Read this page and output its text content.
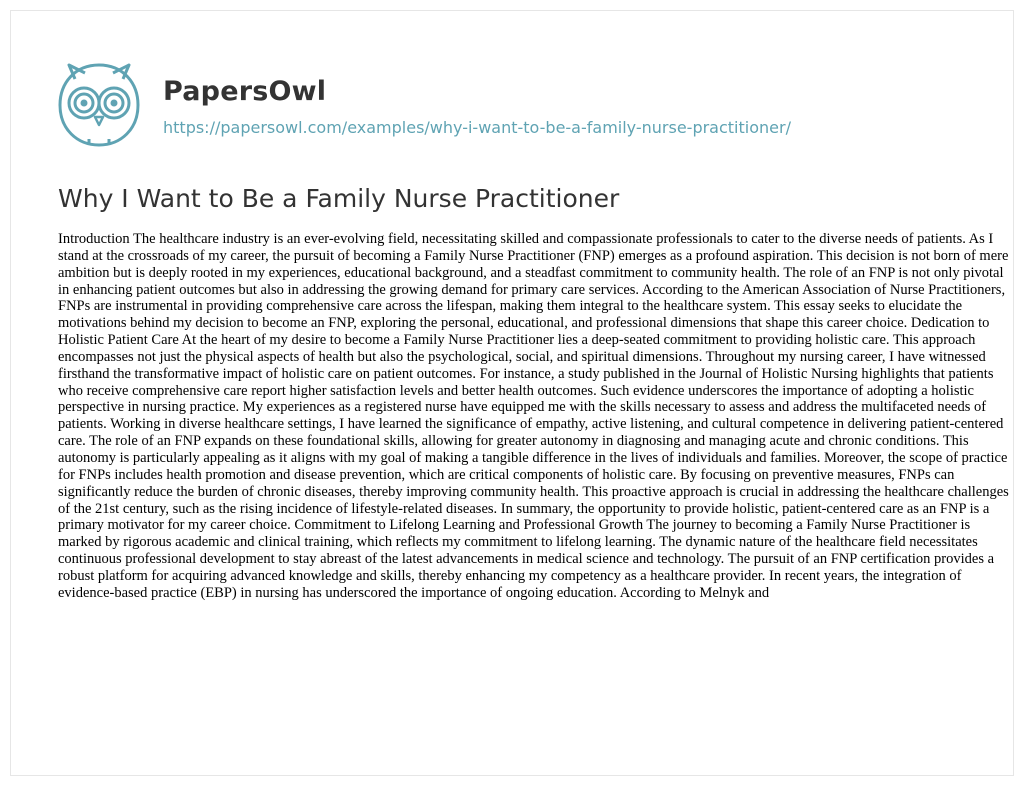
PapersOwl
https://papersowl.com/examples/why-i-want-to-be-a-family-nurse-practitioner/
Why I Want to Be a Family Nurse Practitioner

Introduction The healthcare industry is an ever-evolving field, necessitating skilled and compassionate professionals to cater to the diverse needs of patients. As I stand at the crossroads of my career, the pursuit of becoming a Family Nurse Practitioner (FNP) emerges as a profound aspiration. This decision is not born of mere ambition but is deeply rooted in my experiences, educational background, and a steadfast commitment to community health. The role of an FNP is not only pivotal in enhancing patient outcomes but also in addressing the growing demand for primary care services. According to the American Association of Nurse Practitioners, FNPs are instrumental in providing comprehensive care across the lifespan, making them integral to the healthcare system. This essay seeks to elucidate the motivations behind my decision to become an FNP, exploring the personal, educational, and professional dimensions that shape this career choice. Dedication to Holistic Patient Care At the heart of my desire to become a Family Nurse Practitioner lies a deep-seated commitment to providing holistic care. This approach encompasses not just the physical aspects of health but also the psychological, social, and spiritual dimensions. Throughout my nursing career, I have witnessed firsthand the transformative impact of holistic care on patient outcomes. For instance, a study published in the Journal of Holistic Nursing highlights that patients who receive comprehensive care report higher satisfaction levels and better health outcomes. Such evidence underscores the importance of adopting a holistic perspective in nursing practice. My experiences as a registered nurse have equipped me with the skills necessary to assess and address the multifaceted needs of patients. Working in diverse healthcare settings, I have learned the significance of empathy, active listening, and cultural competence in delivering patient-centered care. The role of an FNP expands on these foundational skills, allowing for greater autonomy in diagnosing and managing acute and chronic conditions. This autonomy is particularly appealing as it aligns with my goal of making a tangible difference in the lives of individuals and families. Moreover, the scope of practice for FNPs includes health promotion and disease prevention, which are critical components of holistic care. By focusing on preventive measures, FNPs can significantly reduce the burden of chronic diseases, thereby improving community health. This proactive approach is crucial in addressing the healthcare challenges of the 21st century, such as the rising incidence of lifestyle-related diseases. In summary, the opportunity to provide holistic, patient-centered care as an FNP is a primary motivator for my career choice. Commitment to Lifelong Learning and Professional Growth The journey to becoming a Family Nurse Practitioner is marked by rigorous academic and clinical training, which reflects my commitment to lifelong learning. The dynamic nature of the healthcare field necessitates continuous professional development to stay abreast of the latest advancements in medical science and technology. The pursuit of an FNP certification provides a robust platform for acquiring advanced knowledge and skills, thereby enhancing my competency as a healthcare provider. In recent years, the integration of evidence-based practice (EBP) in nursing has underscored the importance of ongoing education. According to Melnyk and
